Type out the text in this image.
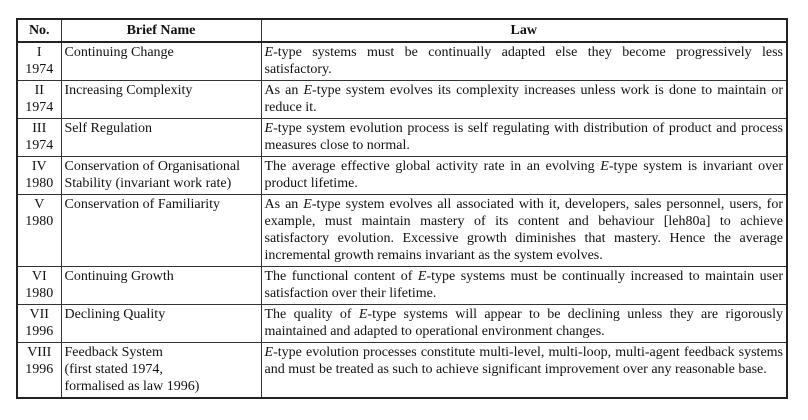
No.	Brief Name	Law

I
1974	Continuing Change	E-type systems must be continually adapted else they become progressively less satisfactory.

II
1974	Increasing Complexity	As an E-type system evolves its complexity increases unless work is done to maintain or reduce it.

III
1974	Self Regulation	E-type system evolution process is self regulating with distribution of product and process measures close to normal.

IV
1980	Conservation of Organisational
Stability (invariant work rate)	The average effective global activity rate in an evolving E-type system is invariant over product lifetime.

V
1980	Conservation of Familiarity	As an E-type system evolves all associated with it, developers, sales personnel, users, for example, must maintain mastery of its content and behaviour [leh80a] to achieve satisfactory evolution. Excessive growth diminishes that mastery. Hence the average incremental growth remains invariant as the system evolves.

VI
1980	Continuing Growth	The functional content of E-type systems must be continually increased to maintain user satisfaction over their lifetime.

VII
1996	Declining Quality	The quality of E-type systems will appear to be declining unless they are rigorously maintained and adapted to operational environment changes.

VIII
1996	Feedback System
(first stated 1974,
formalised as law 1996)	E-type evolution processes constitute multi-level, multi-loop, multi-agent feedback systems and must be treated as such to achieve significant improvement over any reasonable base.
